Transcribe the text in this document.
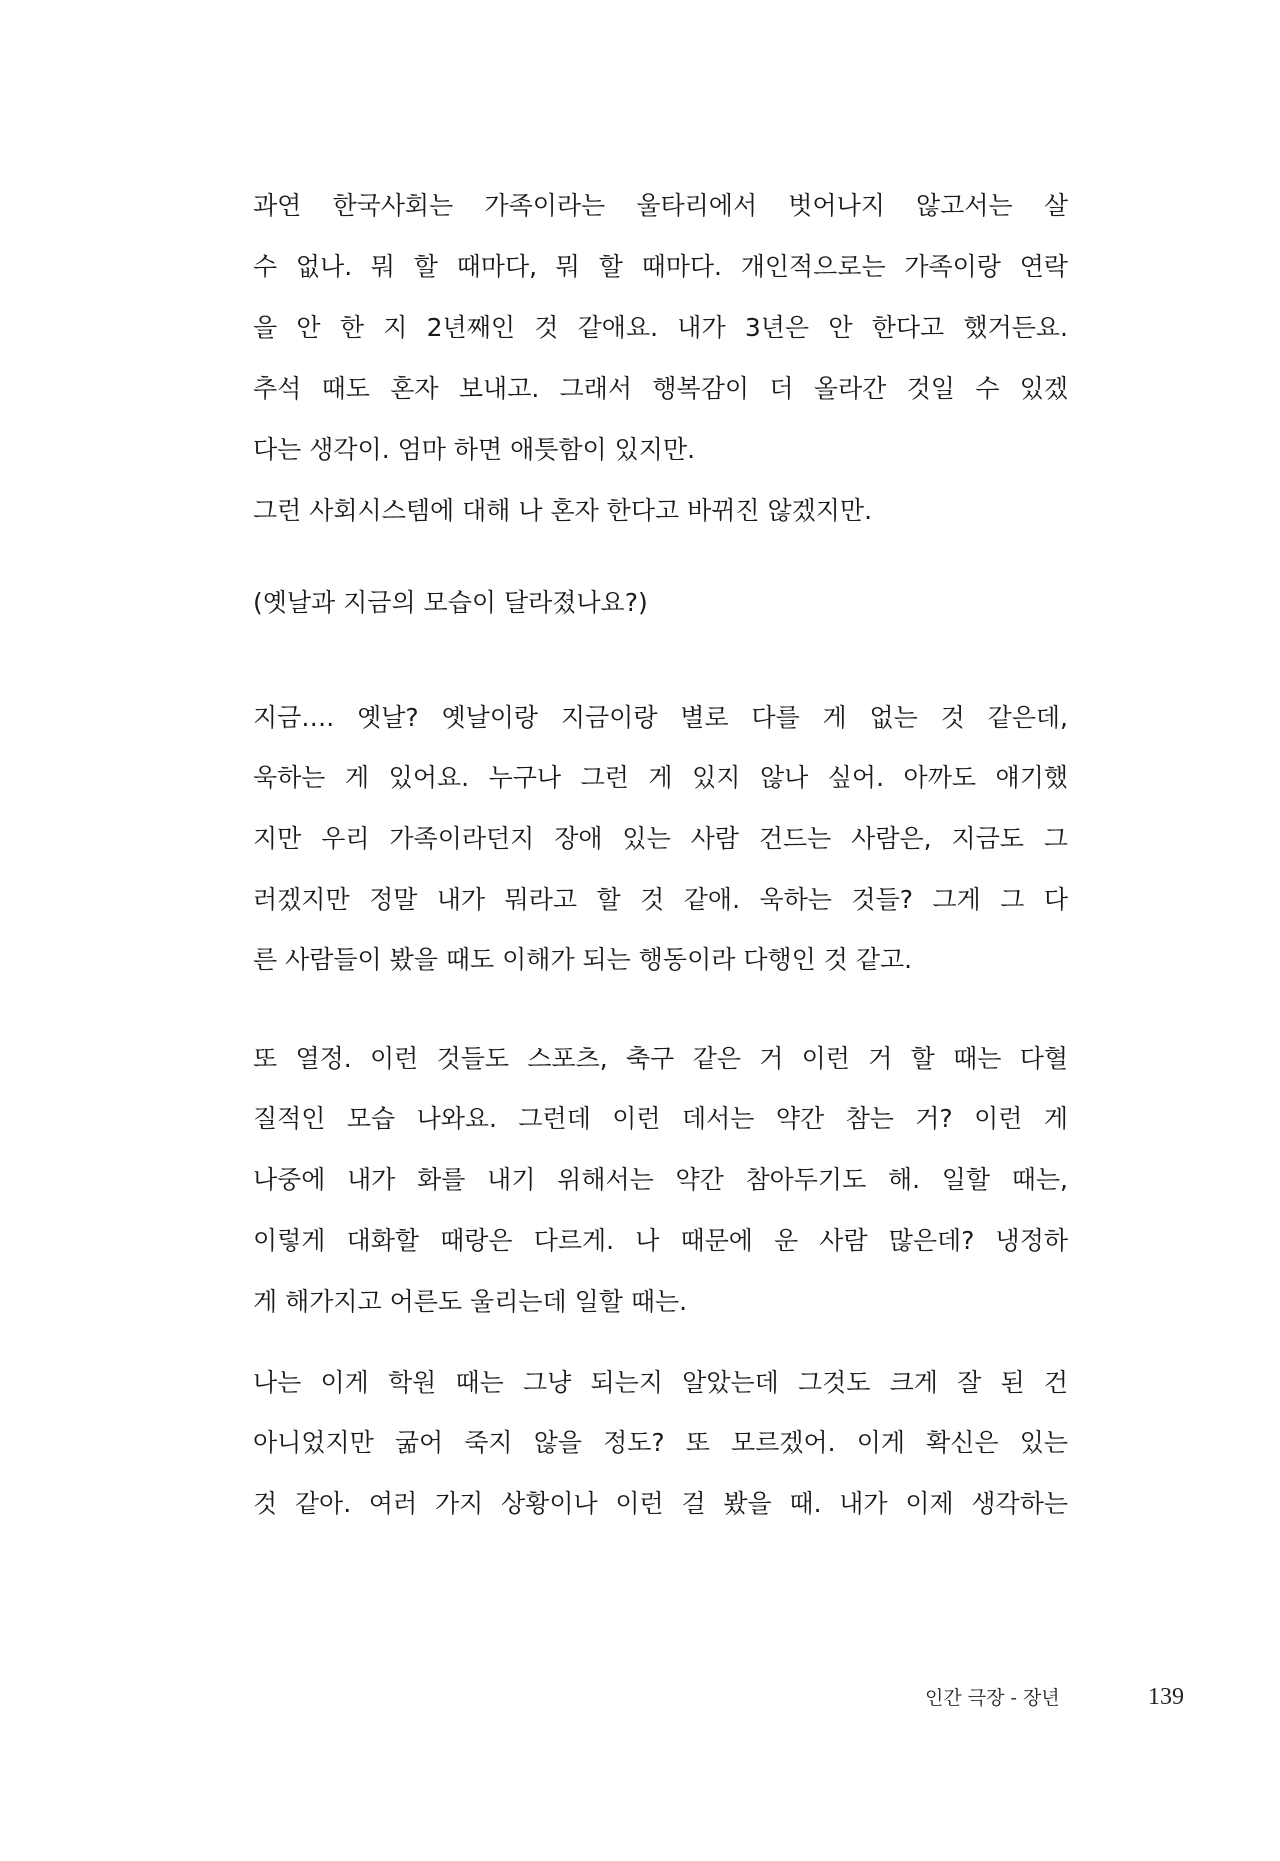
과연 한국사회는 가족이라는 울타리에서 벗어나지 않고서는 살
수 없나. 뭐 할 때마다, 뭐 할 때마다. 개인적으로는 가족이랑 연락
을 안 한 지 2년째인 것 같애요. 내가 3년은 안 한다고 했거든요.
추석 때도 혼자 보내고. 그래서 행복감이 더 올라간 것일 수 있겠
다는 생각이. 엄마 하면 애틋함이 있지만.
그런 사회시스템에 대해 나 혼자 한다고 바뀌진 않겠지만.
(옛날과 지금의 모습이 달라졌나요?)
지금…. 옛날? 옛날이랑 지금이랑 별로 다를 게 없는 것 같은데,
욱하는 게 있어요. 누구나 그런 게 있지 않나 싶어. 아까도 얘기했
지만 우리 가족이라던지 장애 있는 사람 건드는 사람은, 지금도 그
러겠지만 정말 내가 뭐라고 할 것 같애. 욱하는 것들? 그게 그 다
른 사람들이 봤을 때도 이해가 되는 행동이라 다행인 것 같고.
또 열정. 이런 것들도 스포츠, 축구 같은 거 이런 거 할 때는 다혈
질적인 모습 나와요. 그런데 이런 데서는 약간 참는 거? 이런 게
나중에 내가 화를 내기 위해서는 약간 참아두기도 해. 일할 때는,
이렇게 대화할 때랑은 다르게. 나 때문에 운 사람 많은데? 냉정하
게 해가지고 어른도 울리는데 일할 때는.
나는 이게 학원 때는 그냥 되는지 알았는데 그것도 크게 잘 된 건
아니었지만 굶어 죽지 않을 정도? 또 모르겠어. 이게 확신은 있는
것 같아. 여러 가지 상황이나 이런 걸 봤을 때. 내가 이제 생각하는
인간 극장 - 장년	139
